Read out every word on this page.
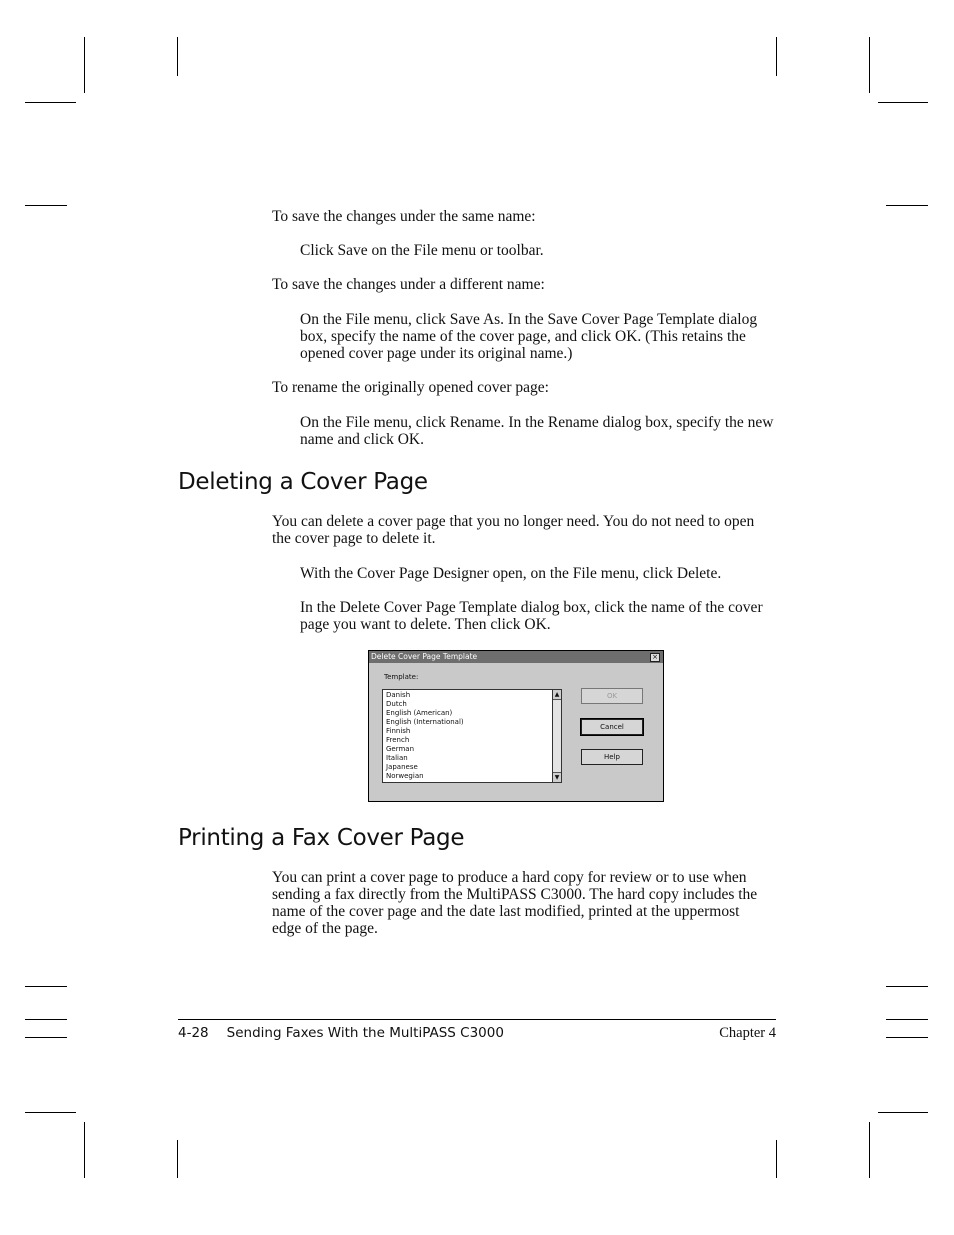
To save the changes under the same name:

Click Save on the File menu or toolbar.

To save the changes under a different name:

On the File menu, click Save As. In the Save Cover Page Template dialog box, specify the name of the cover page, and click OK. (This retains the opened cover page under its original name.)

To rename the originally opened cover page:

On the File menu, click Rename. In the Rename dialog box, specify the new name and click OK.

Deleting a Cover Page

You can delete a cover page that you no longer need. You do not need to open the cover page to delete it.

With the Cover Page Designer open, on the File menu, click Delete.

In the Delete Cover Page Template dialog box, click the name of the cover page you want to delete. Then click OK.

Delete Cover Page Template	×
Template:
Danish
Dutch
English (American)
English (International)
Finnish
French
German
Italian
Japanese
Norwegian
▲
▼
OK
Cancel
Help
Printing a Fax Cover Page

You can print a cover page to produce a hard copy for review or to use when sending a fax directly from the MultiPASS C3000. The hard copy includes the name of the cover page and the date last modified, printed at the uppermost edge of the page.

4-28 Sending Faxes With the MultiPASS C3000	Chapter 4
